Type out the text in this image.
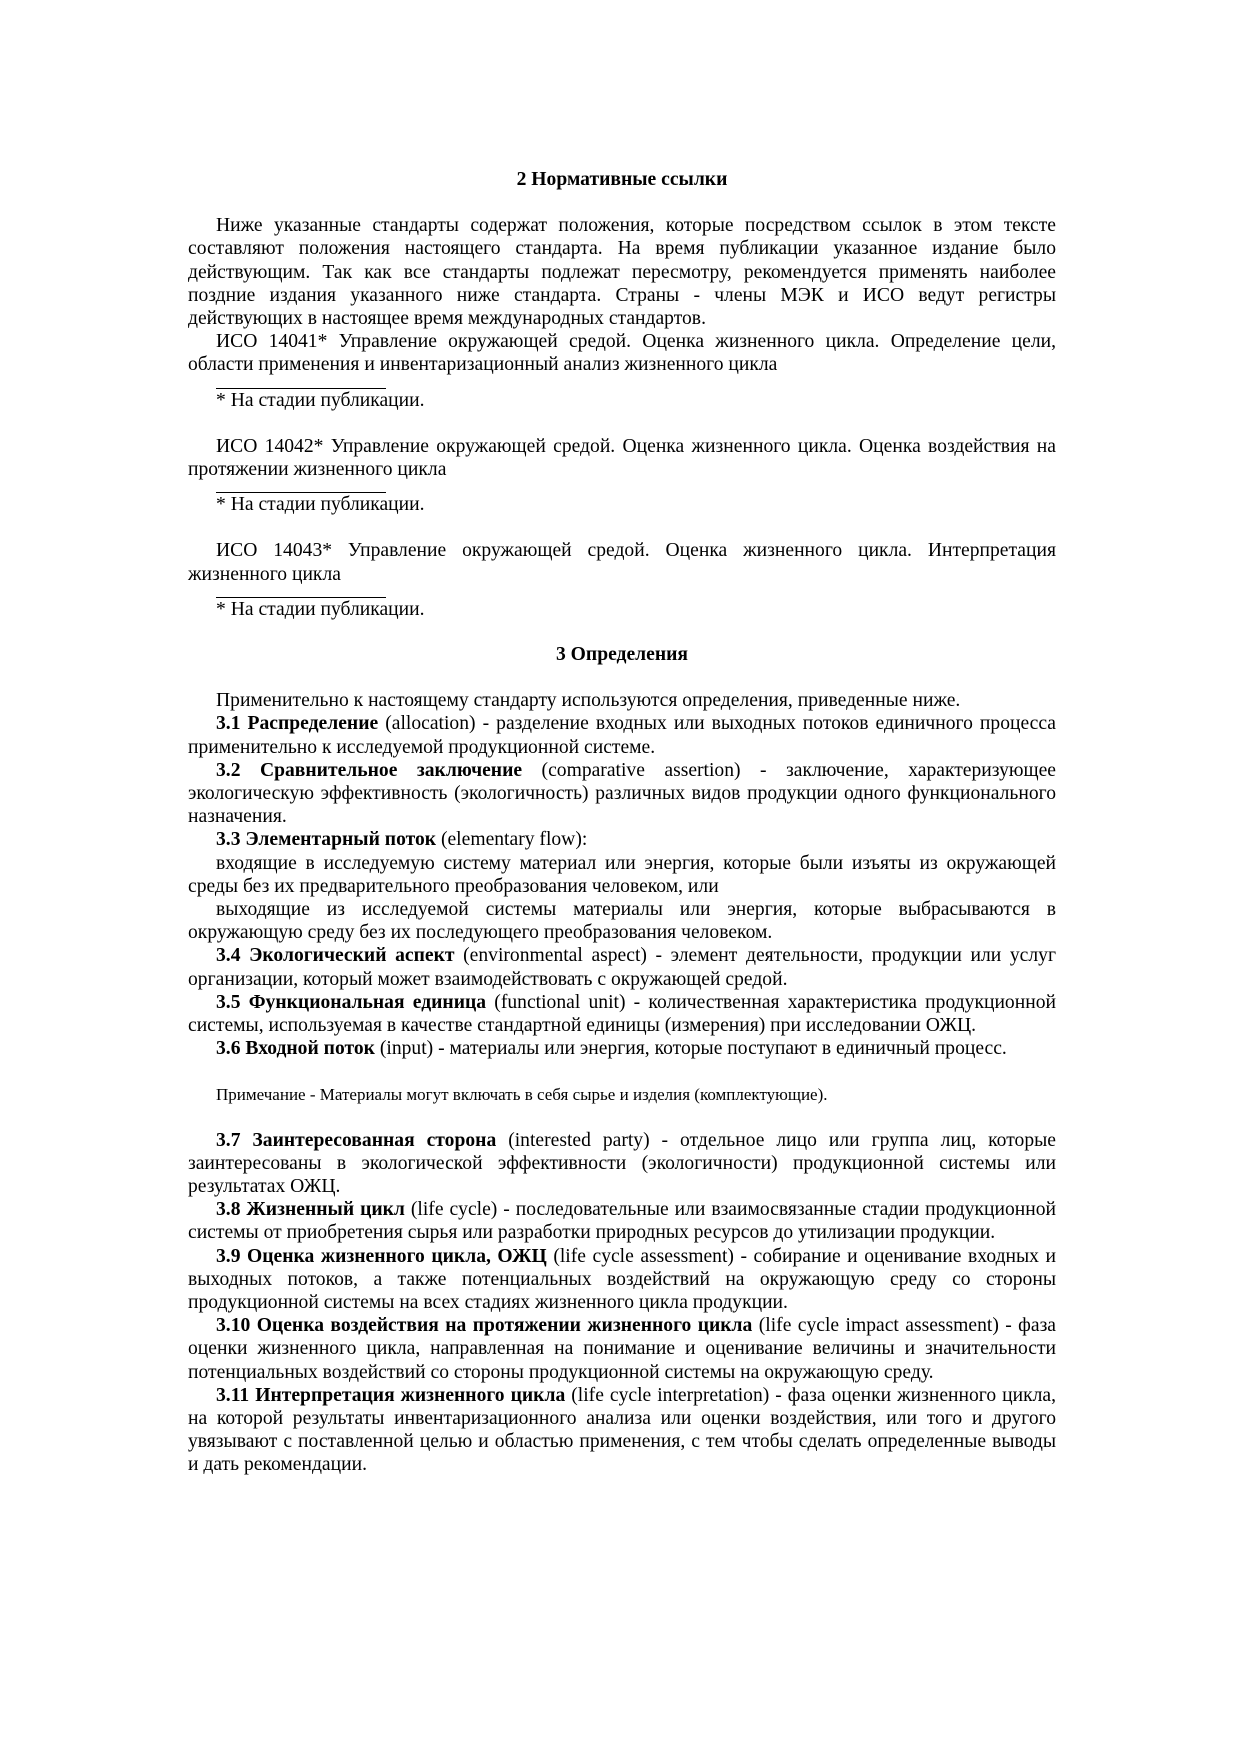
2 Нормативные ссылки

Ниже указанные стандарты содержат положения, которые посредством ссылок в этом тексте составляют положения настоящего стандарта. На время публикации указанное издание было действующим. Так как все стандарты подлежат пересмотру, рекомендуется применять наиболее поздние издания указанного ниже стандарта. Страны - члены МЭК и ИСО ведут регистры действующих в настоящее время международных стандартов.

ИСО 14041* Управление окружающей средой. Оценка жизненного цикла. Определение цели, области применения и инвентаризационный анализ жизненного цикла

* На стадии публикации.

ИСО 14042* Управление окружающей средой. Оценка жизненного цикла. Оценка воздействия на протяжении жизненного цикла

* На стадии публикации.

ИСО 14043* Управление окружающей средой. Оценка жизненного цикла. Интерпретация жизненного цикла

* На стадии публикации.

3 Определения

Применительно к настоящему стандарту используются определения, приведенные ниже.

3.1 Распределение (allocation) - разделение входных или выходных потоков единичного процесса применительно к исследуемой продукционной системе.

3.2 Сравнительное заключение (comparative assertion) - заключение, характеризующее экологическую эффективность (экологичность) различных видов продукции одного функционального назначения.

3.3 Элементарный поток (elementary flow):

входящие в исследуемую систему материал или энергия, которые были изъяты из окружающей среды без их предварительного преобразования человеком, или

выходящие из исследуемой системы материалы или энергия, которые выбрасываются в окружающую среду без их последующего преобразования человеком.

3.4 Экологический аспект (environmental aspect) - элемент деятельности, продукции или услуг организации, который может взаимодействовать с окружающей средой.

3.5 Функциональная единица (functional unit) - количественная характеристика продукционной системы, используемая в качестве стандартной единицы (измерения) при исследовании ОЖЦ.

3.6 Входной поток (input) - материалы или энергия, которые поступают в единичный процесс.

Примечание - Материалы могут включать в себя сырье и изделия (комплектующие).

3.7 Заинтересованная сторона (interested party) - отдельное лицо или группа лиц, которые заинтересованы в экологической эффективности (экологичности) продукционной системы или результатах ОЖЦ.

3.8 Жизненный цикл (life cycle) - последовательные или взаимосвязанные стадии продукционной системы от приобретения сырья или разработки природных ресурсов до утилизации продукции.

3.9 Оценка жизненного цикла, ОЖЦ (life cycle assessment) - собирание и оценивание входных и выходных потоков, а также потенциальных воздействий на окружающую среду со стороны продукционной системы на всех стадиях жизненного цикла продукции.

3.10 Оценка воздействия на протяжении жизненного цикла (life cycle impact assessment) - фаза оценки жизненного цикла, направленная на понимание и оценивание величины и значительности потенциальных воздействий со стороны продукционной системы на окружающую среду.

3.11 Интерпретация жизненного цикла (life cycle interpretation) - фаза оценки жизненного цикла, на которой результаты инвентаризационного анализа или оценки воздействия, или того и другого увязывают с поставленной целью и областью применения, с тем чтобы сделать определенные выводы и дать рекомендации.
